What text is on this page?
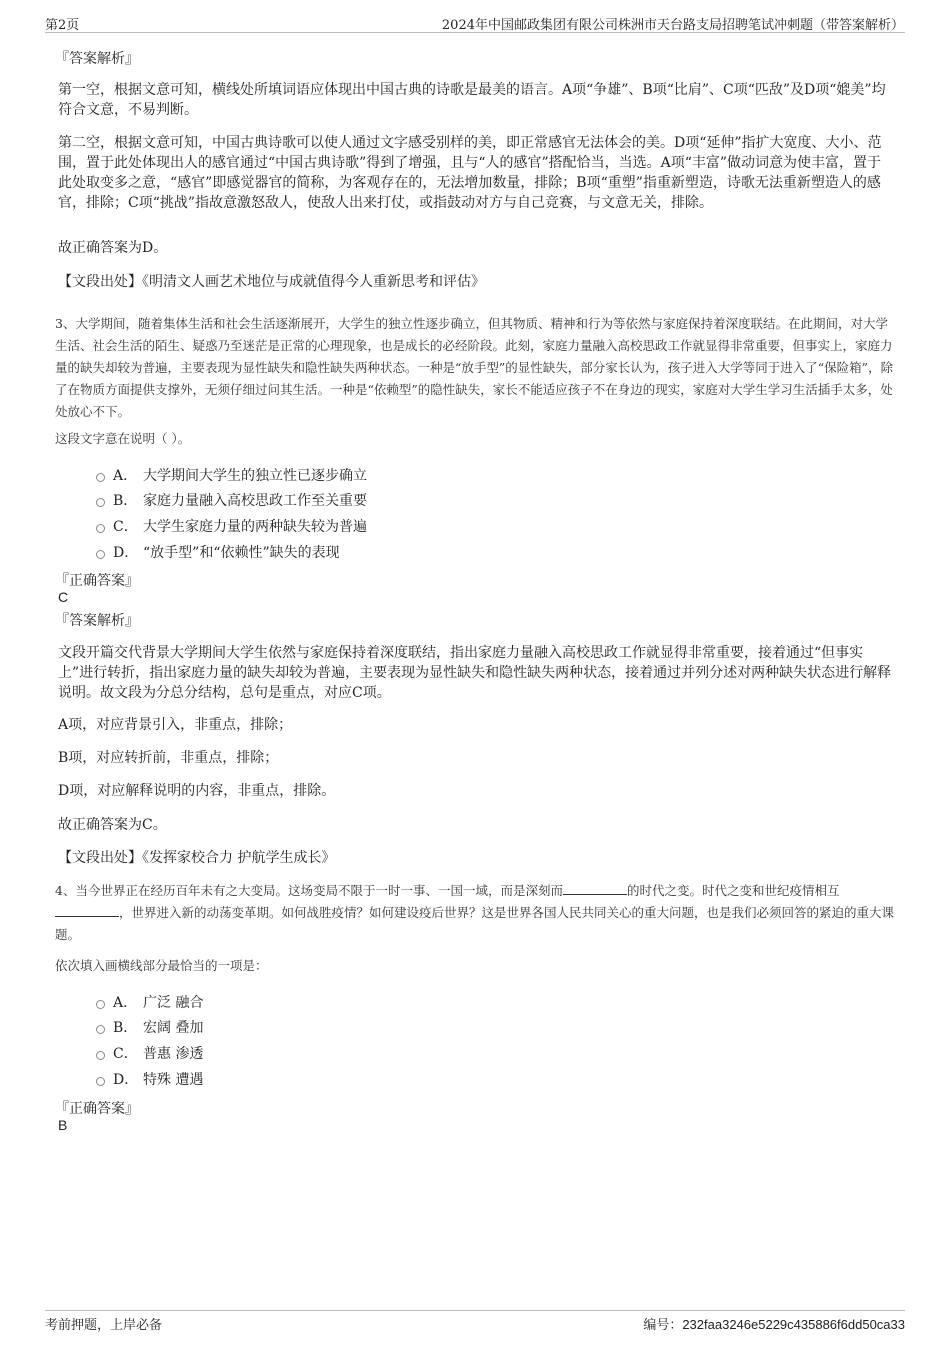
第2页	2024年中国邮政集团有限公司株洲市天台路支局招聘笔试冲刺题（带答案解析）
『答案解析』
第一空，根据文意可知，横线处所填词语应体现出中国古典的诗歌是最美的语言。A项“争雄”、B项“比肩”、C项“匹敌”及D项“媲美”均符合文意，不易判断。
第二空，根据文意可知，中国古典诗歌可以使人通过文字感受别样的美，即正常感官无法体会的美。D项“延伸”指扩大宽度、大小、范围，置于此处体现出人的感官通过“中国古典诗歌”得到了增强，且与“人的感官”搭配恰当，当选。A项“丰富”做动词意为使丰富，置于此处取变多之意，“感官”即感觉器官的简称，为客观存在的，无法增加数量，排除；B项“重塑”指重新塑造，诗歌无法重新塑造人的感官，排除；C项“挑战”指故意激怒敌人，使敌人出来打仗，或指鼓动对方与自己竞赛，与文意无关，排除。
故正确答案为D。
【文段出处】《明清文人画艺术地位与成就值得今人重新思考和评估》
3、大学期间，随着集体生活和社会生活逐渐展开，大学生的独立性逐步确立，但其物质、精神和行为等依然与家庭保持着深度联结。在此期间，对大学生活、社会生活的陌生、疑惑乃至迷茫是正常的心理现象，也是成长的必经阶段。此刻，家庭力量融入高校思政工作就显得非常重要，但事实上，家庭力量的缺失却较为普遍，主要表现为显性缺失和隐性缺失两种状态。一种是“放手型”的显性缺失，部分家长认为，孩子进入大学等同于进入了“保险箱”，除了在物质方面提供支撑外，无须仔细过问其生活。一种是“依赖型”的隐性缺失，家长不能适应孩子不在身边的现实，家庭对大学生学习生活插手太多，处处放心不下。
这段文字意在说明（ ）。
A． 大学期间大学生的独立性已逐步确立
B． 家庭力量融入高校思政工作至关重要
C． 大学生家庭力量的两种缺失较为普遍
D． “放手型”和“依赖性”缺失的表现
『正确答案』
C
『答案解析』
文段开篇交代背景大学期间大学生依然与家庭保持着深度联结，指出家庭力量融入高校思政工作就显得非常重要，接着通过“但事实上”进行转折，指出家庭力量的缺失却较为普遍，主要表现为显性缺失和隐性缺失两种状态，接着通过并列分述对两种缺失状态进行解释说明。故文段为分总分结构，总句是重点，对应C项。
A项，对应背景引入，非重点，排除；
B项，对应转折前，非重点，排除；
D项，对应解释说明的内容，非重点，排除。
故正确答案为C。
【文段出处】《发挥家校合力 护航学生成长》
4、当今世界正在经历百年未有之大变局。这场变局不限于一时一事、一国一域，而是深刻而	的时代之变。时代之变和世纪疫情相互，世界进入新的动荡变革期。如何战胜疫情？如何建设疫后世界？这是世界各国人民共同关心的重大问题，也是我们必须回答的紧迫的重大课题。
依次填入画横线部分最恰当的一项是：
A． 广泛 融合
B． 宏阔 叠加
C． 普惠 渗透
D． 特殊 遭遇
『正确答案』
B
考前押题，上岸必备	编号：232faa3246e5229c435886f6dd50ca33
